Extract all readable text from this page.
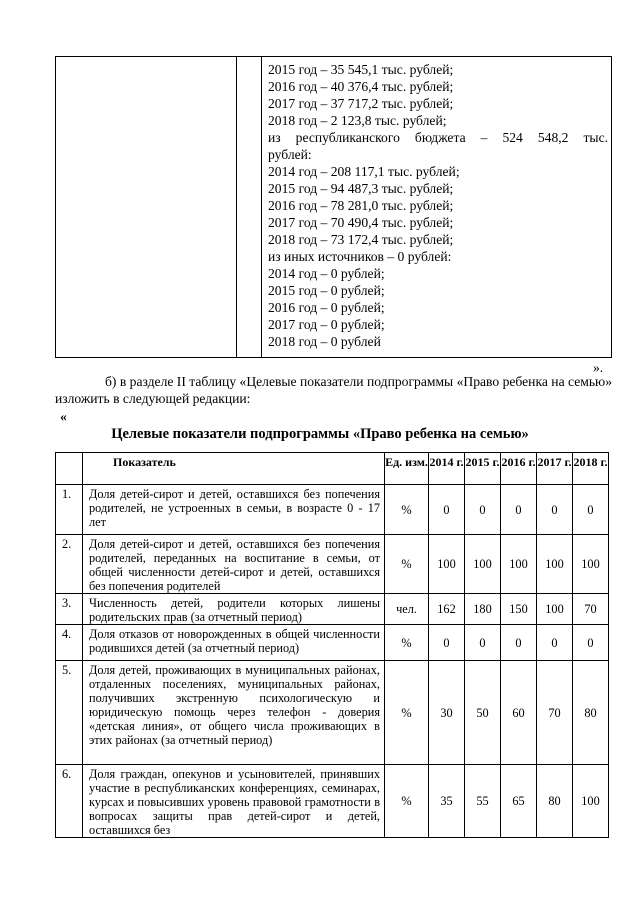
2015 год – 35 545,1 тыс. рублей;
2016 год – 40 376,4 тыс. рублей;
2017 год – 37 717,2 тыс. рублей;
2018 год – 2 123,8 тыс. рублей;
из республиканского бюджета – 524 548,2 тыс.
рублей:
2014 год – 208 117,1 тыс. рублей;
2015 год – 94 487,3 тыс. рублей;
2016 год – 78 281,0 тыс. рублей;
2017 год – 70 490,4 тыс. рублей;
2018 год – 73 172,4 тыс. рублей;
из иных источников – 0 рублей:
2014 год – 0 рублей;
2015 год – 0 рублей;
2016 год – 0 рублей;
2017 год – 0 рублей;
2018 год – 0 рублей
».
б) в разделе II таблицу «Целевые показатели подпрограммы «Право ребенка на семью» изложить в следующей редакции:
«
Целевые показатели подпрограммы «Право ребенка на семью»
	Показатель	Ед. изм.	2014 г.	2015 г.	2016 г.	2017 г.	2018 г.
1.	Доля детей-сирот и детей, оставшихся без попечения родителей, не устроенных в семьи, в возрасте 0 - 17 лет	%	0	0	0	0	0
2.	Доля детей-сирот и детей, оставшихся без попечения родителей, переданных на воспитание в семьи, от общей численности детей-сирот и детей, оставшихся без попечения родителей	%	100	100	100	100	100
3.	Численность детей, родители которых лишены родительских прав (за отчетный период)	чел.	162	180	150	100	70
4.	Доля отказов от новорожденных в общей численности родившихся детей (за отчетный период)	%	0	0	0	0	0
5.	Доля детей, проживающих в муниципальных районах, отдаленных поселениях, муниципальных районах, получивших экстренную психологическую и юридическую помощь через телефон - доверия «детская линия», от общего числа проживающих в этих районах (за отчетный период)	%	30	50	60	70	80
6.	Доля граждан, опекунов и усыновителей, принявших участие в республиканских конференциях, семинарах, курсах и повысивших уровень правовой грамотности в вопросах защиты прав детей-сирот и детей, оставшихся без	%	35	55	65	80	100
